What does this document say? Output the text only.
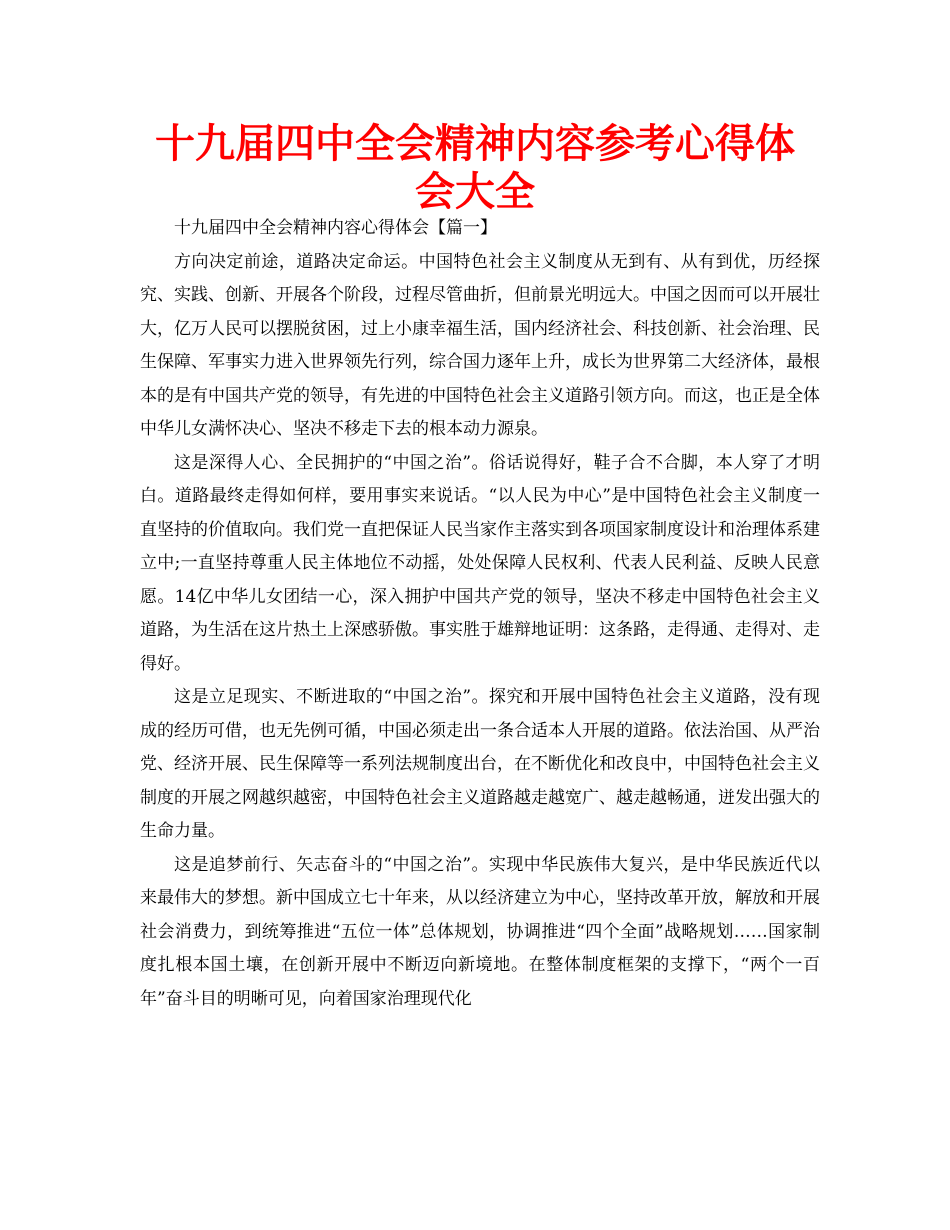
十九届四中全会精神内容参考心得体会大全

十九届四中全会精神内容心得体会【篇一】

方向决定前途，道路决定命运。中国特色社会主义制度从无到有、从有到优，历经探究、实践、创新、开展各个阶段，过程尽管曲折，但前景光明远大。中国之因而可以开展壮大，亿万人民可以摆脱贫困，过上小康幸福生活，国内经济社会、科技创新、社会治理、民生保障、军事实力进入世界领先行列，综合国力逐年上升，成长为世界第二大经济体，最根本的是有中国共产党的领导，有先进的中国特色社会主义道路引领方向。而这，也正是全体中华儿女满怀决心、坚决不移走下去的根本动力源泉。

这是深得人心、全民拥护的“中国之治”。俗话说得好，鞋子合不合脚，本人穿了才明白。道路最终走得如何样，要用事实来说话。“以人民为中心”是中国特色社会主义制度一直坚持的价值取向。我们党一直把保证人民当家作主落实到各项国家制度设计和治理体系建立中;一直坚持尊重人民主体地位不动摇，处处保障人民权利、代表人民利益、反映人民意愿。14亿中华儿女团结一心，深入拥护中国共产党的领导，坚决不移走中国特色社会主义道路，为生活在这片热土上深感骄傲。事实胜于雄辩地证明：这条路，走得通、走得对、走得好。

这是立足现实、不断进取的“中国之治”。探究和开展中国特色社会主义道路，没有现成的经历可借，也无先例可循，中国必须走出一条合适本人开展的道路。依法治国、从严治党、经济开展、民生保障等一系列法规制度出台，在不断优化和改良中，中国特色社会主义制度的开展之网越织越密，中国特色社会主义道路越走越宽广、越走越畅通，迸发出强大的生命力量。

这是追梦前行、矢志奋斗的“中国之治”。实现中华民族伟大复兴，是中华民族近代以来最伟大的梦想。新中国成立七十年来，从以经济建立为中心，坚持改革开放，解放和开展社会消费力，到统筹推进“五位一体”总体规划，协调推进“四个全面”战略规划……国家制度扎根本国土壤，在创新开展中不断迈向新境地。在整体制度框架的支撑下，“两个一百年”奋斗目的明晰可见，向着国家治理现代化
